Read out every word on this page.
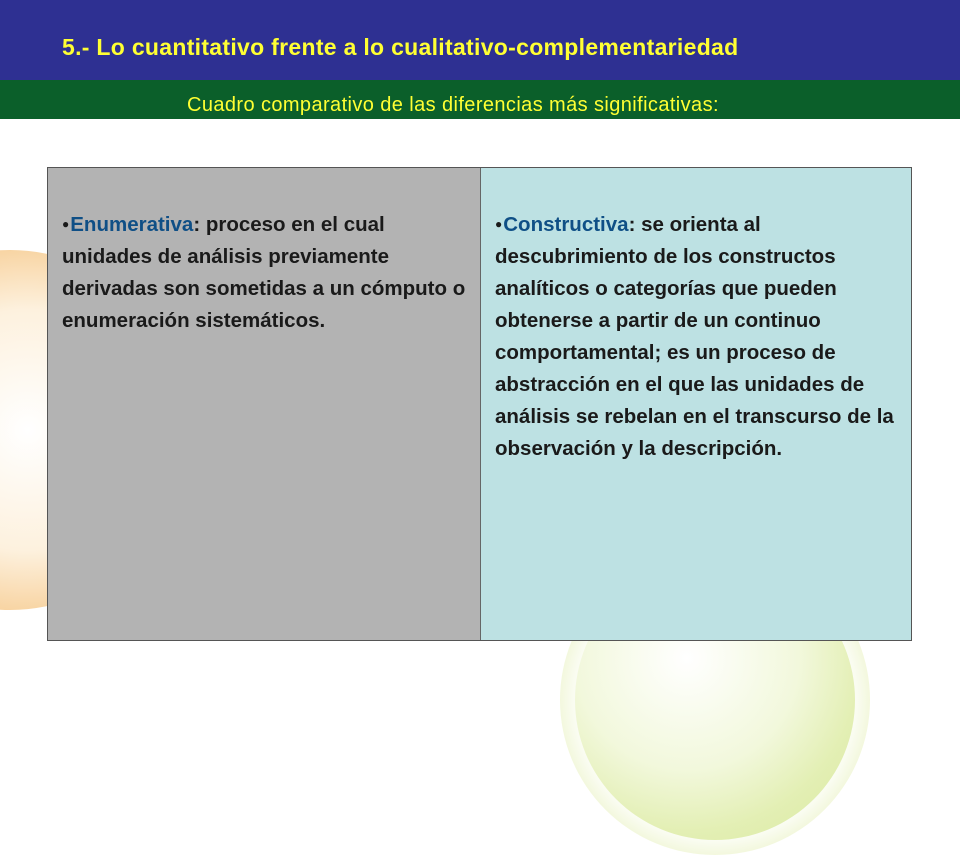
5.- Lo cuantitativo frente a lo cualitativo-complementariedad
Cuadro comparativo de las diferencias más significativas:
●Enumerativa: proceso en el cual unidades de análisis previamente derivadas son sometidas a un cómputo o enumeración sistemáticos.
●Constructiva: se orienta al descubrimiento de los constructos analíticos o categorías que pueden obtenerse a partir de un continuo comportamental; es un proceso de abstracción en el que las unidades de análisis se rebelan en el transcurso de la observación y la descripción.
